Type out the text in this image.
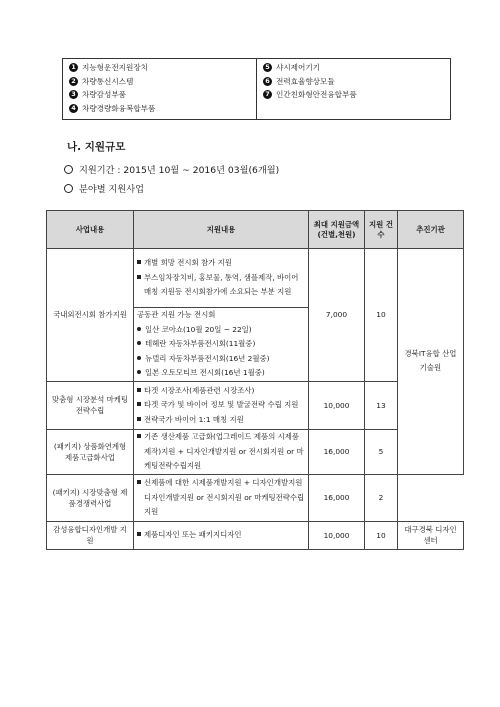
1 지능형운전지원장치
2 차량통신시스템
3 차량감성부품
4 차량경량화융복합부품
5 샤시제어기기
6 전력효율향상모듈
7 인간친화형안전융합부품
나. 지원규모
지원기간 : 2015년 10월 ~ 2016년 03월(6개월)
분야별 지원사업
사업내용	지원내용	최대 지원금액 (건별,천원)	지원 건수	추진기관
국내외전시회 참가지원	개별 희망 전시회 참가 지원
부스임차장치비, 홍보물, 통역, 샘플제작, 바이어 매칭 지원등 전시회참가에 소요되는 부분 지원	7,000	10	경북IT융합 산업기술원

	공동관 지원 가능 전시회
일산 코아쇼(10월 20일 ~ 22일)
테헤란 자동차부품전시회(11월중)
뉴델리 자동차부품전시회(16년 2월중)
일본 오토모티브 전시회(16년 1월중)			

맞춤형 시장분석 마케팅전략수립	타겟 시장조사(제품관련 시장조사)
타겟 국가 및 바이어 정보 및 발굴전략 수립 지원
전략국가 바이어 1:1 매칭 지원	10,000	13	
(패키지) 상품화연계형 제품고급화사업	기존 생산제품 고급화(업그레이드 제품의 시제품 제작)지원 + 디자인개발지원 or 전시회지원 or 마케팅전략수립지원	16,000	5	
(패키지) 시장맞춤형 제품경쟁력사업	신제품에 대한 시제품개발지원 + 디자인개발지원 디자인개발지원 or 전시회지원 or 마케팅전략수립지원	16,000	2	
감성융합디자인개발 지원	제품디자인 또는 패키지디자인	10,000	10	대구경북 디자인센터
